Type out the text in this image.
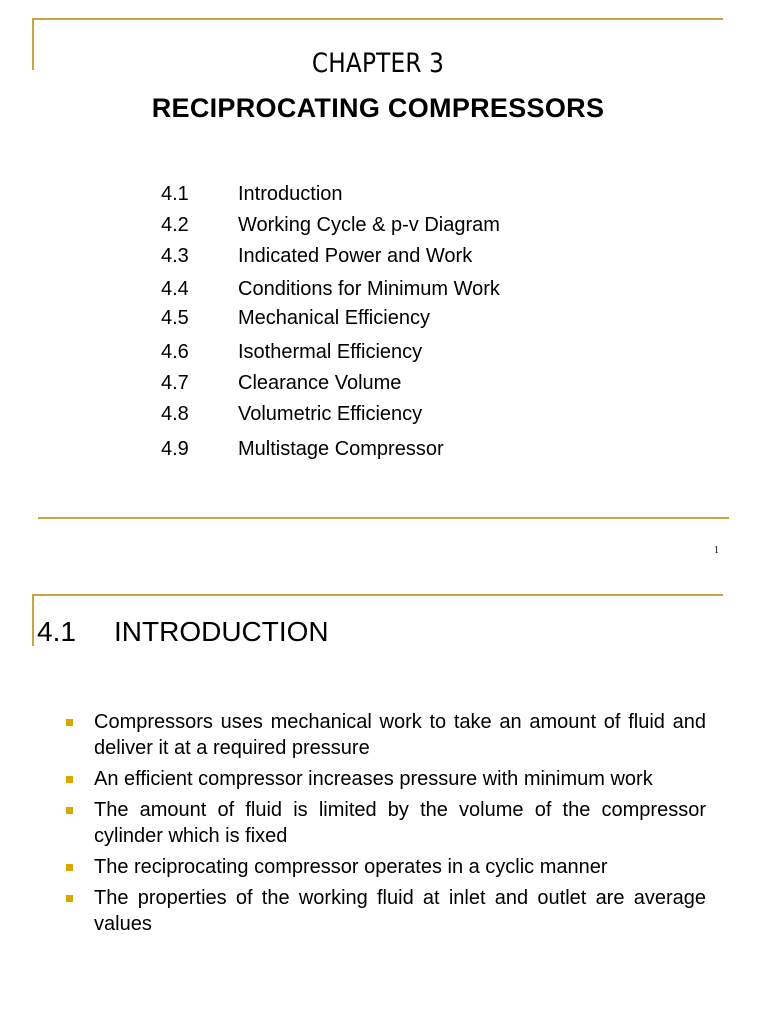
CHAPTER 3
RECIPROCATING COMPRESSORS
4.1 Introduction
4.2 Working Cycle & p-v Diagram
4.3 Indicated Power and Work
4.4 Conditions for Minimum Work
4.5 Mechanical Efficiency
4.6 Isothermal Efficiency
4.7 Clearance Volume
4.8 Volumetric Efficiency
4.9 Multistage Compressor
1
4.1 INTRODUCTION
Compressors uses mechanical work to take an amount of fluid and deliver it at a required pressure
An efficient compressor increases pressure with minimum work
The amount of fluid is limited by the volume of the compressor cylinder which is fixed
The reciprocating compressor operates in a cyclic manner
The properties of the working fluid at inlet and outlet are average values
